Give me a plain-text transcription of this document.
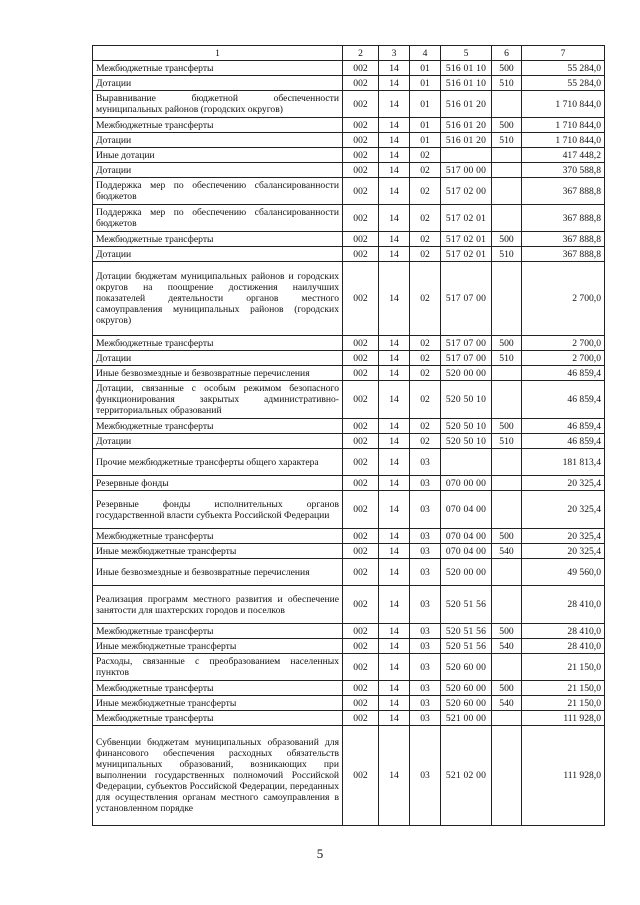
1	2	3	4	5	6	7
Межбюджетные трансферты	002	14	01	516 01 10	500	55 284,0
Дотации	002	14	01	516 01 10	510	55 284,0
Выравнивание бюджетной обеспеченности муниципальных районов (городских округов)	002	14	01	516 01 20		1 710 844,0
Межбюджетные трансферты	002	14	01	516 01 20	500	1 710 844,0
Дотации	002	14	01	516 01 20	510	1 710 844,0
Иные дотации	002	14	02			417 448,2
Дотации	002	14	02	517 00 00		370 588,8
Поддержка мер по обеспечению сбалансированности бюджетов	002	14	02	517 02 00		367 888,8
Поддержка мер по обеспечению сбалансированности бюджетов	002	14	02	517 02 01		367 888,8
Межбюджетные трансферты	002	14	02	517 02 01	500	367 888,8
Дотации	002	14	02	517 02 01	510	367 888,8
Дотации бюджетам муниципальных районов и городских округов на поощрение достижения наилучших показателей деятельности органов местного самоуправления муниципальных районов (городских округов)	002	14	02	517 07 00		2 700,0
Межбюджетные трансферты	002	14	02	517 07 00	500	2 700,0
Дотации	002	14	02	517 07 00	510	2 700,0
Иные безвозмездные и безвозвратные перечисления	002	14	02	520 00 00		46 859,4
Дотации, связанные с особым режимом безопасного функционирования закрытых административно-территориальных образований	002	14	02	520 50 10		46 859,4
Межбюджетные трансферты	002	14	02	520 50 10	500	46 859,4
Дотации	002	14	02	520 50 10	510	46 859,4
Прочие межбюджетные трансферты общего характера	002	14	03			181 813,4
Резервные фонды	002	14	03	070 00 00		20 325,4
Резервные фонды исполнительных органов государственной власти субъекта Российской Федерации	002	14	03	070 04 00		20 325,4
Межбюджетные трансферты	002	14	03	070 04 00	500	20 325,4
Иные межбюджетные трансферты	002	14	03	070 04 00	540	20 325,4
Иные безвозмездные и безвозвратные перечисления	002	14	03	520 00 00		49 560,0
Реализация программ местного развития и обеспечение занятости для шахтерских городов и поселков	002	14	03	520 51 56		28 410,0
Межбюджетные трансферты	002	14	03	520 51 56	500	28 410,0
Иные межбюджетные трансферты	002	14	03	520 51 56	540	28 410,0
Расходы, связанные с преобразованием населенных пунктов	002	14	03	520 60 00		21 150,0
Межбюджетные трансферты	002	14	03	520 60 00	500	21 150,0
Иные межбюджетные трансферты	002	14	03	520 60 00	540	21 150,0
Межбюджетные трансферты	002	14	03	521 00 00		111 928,0
Субвенции бюджетам муниципальных образований для финансового обеспечения расходных обязательств муниципальных образований, возникающих при выполнении государственных полномочий Российской Федерации, субъектов Российской Федерации, переданных для осуществления органам местного самоуправления в установленном порядке	002	14	03	521 02 00		111 928,0
5
